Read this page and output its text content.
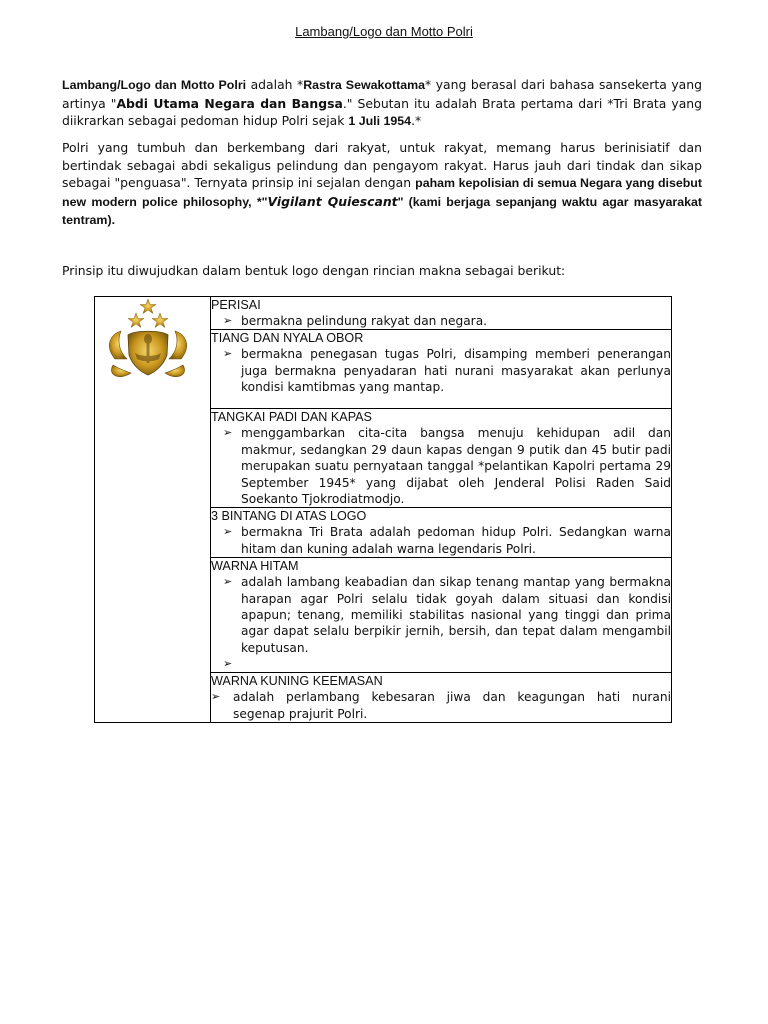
Lambang/Logo dan Motto Polri
Lambang/Logo dan Motto Polri adalah *Rastra Sewakottama* yang berasal dari bahasa sansekerta yang artinya "Abdi Utama Negara dan Bangsa." Sebutan itu adalah Brata pertama dari *Tri Brata yang diikrarkan sebagai pedoman hidup Polri sejak 1 Juli 1954.*
Polri yang tumbuh dan berkembang dari rakyat, untuk rakyat, memang harus berinisiatif dan bertindak sebagai abdi sekaligus pelindung dan pengayom rakyat. Harus jauh dari tindak dan sikap sebagai "penguasa". Ternyata prinsip ini sejalan dengan paham kepolisian di semua Negara yang disebut new modern police philosophy, *"Vigilant Quiescant" (kami berjaga sepanjang waktu agar masyarakat tentram).
Prinsip itu diwujudkan dalam bentuk logo dengan rincian makna sebagai berikut:

PERISAI
➢ bermakna pelindung rakyat dan negara.

TIANG DAN NYALA OBOR
➢ bermakna penegasan tugas Polri, disamping memberi penerangan juga bermakna penyadaran hati nurani masyarakat akan perlunya kondisi kamtibmas yang mantap.

TANGKAI PADI DAN KAPAS
➢ menggambarkan cita-cita bangsa menuju kehidupan adil dan makmur, sedangkan 29 daun kapas dengan 9 putik dan 45 butir padi merupakan suatu pernyataan tanggal *pelantikan Kapolri pertama 29 September 1945* yang dijabat oleh Jenderal Polisi Raden Said Soekanto Tjokrodiatmodjo.

3 BINTANG DI ATAS LOGO
➢ bermakna Tri Brata adalah pedoman hidup Polri. Sedangkan warna hitam dan kuning adalah warna legendaris Polri.

WARNA HITAM
➢ adalah lambang keabadian dan sikap tenang mantap yang bermakna harapan agar Polri selalu tidak goyah dalam situasi dan kondisi apapun; tenang, memiliki stabilitas nasional yang tinggi dan prima agar dapat selalu berpikir jernih, bersih, dan tepat dalam mengambil keputusan.
➢

WARNA KUNING KEEMASAN
➢ adalah perlambang kebesaran jiwa dan keagungan hati nurani segenap prajurit Polri.
